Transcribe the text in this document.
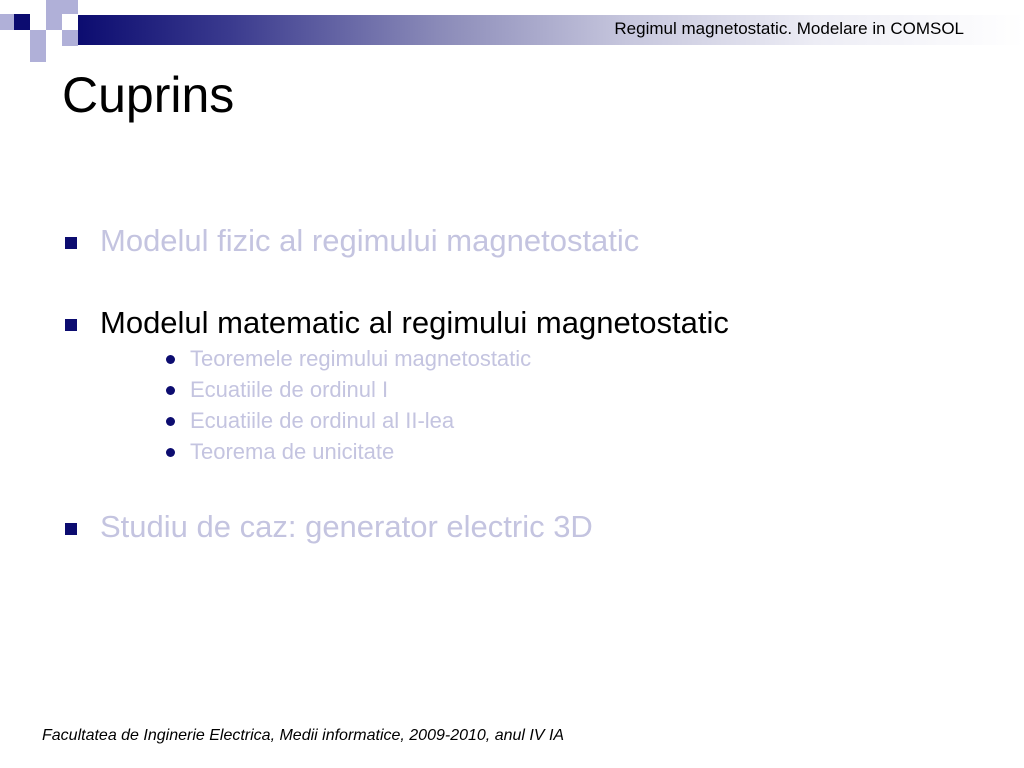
Regimul magnetostatic. Modelare in COMSOL
Cuprins
Modelul fizic al regimului magnetostatic
Modelul matematic al regimului magnetostatic
Teoremele regimului magnetostatic
Ecuatiile de ordinul I
Ecuatiile de ordinul al II-lea
Teorema de unicitate
Studiu de caz: generator electric 3D
Facultatea de Inginerie Electrica, Medii informatice, 2009-2010, anul IV IA
